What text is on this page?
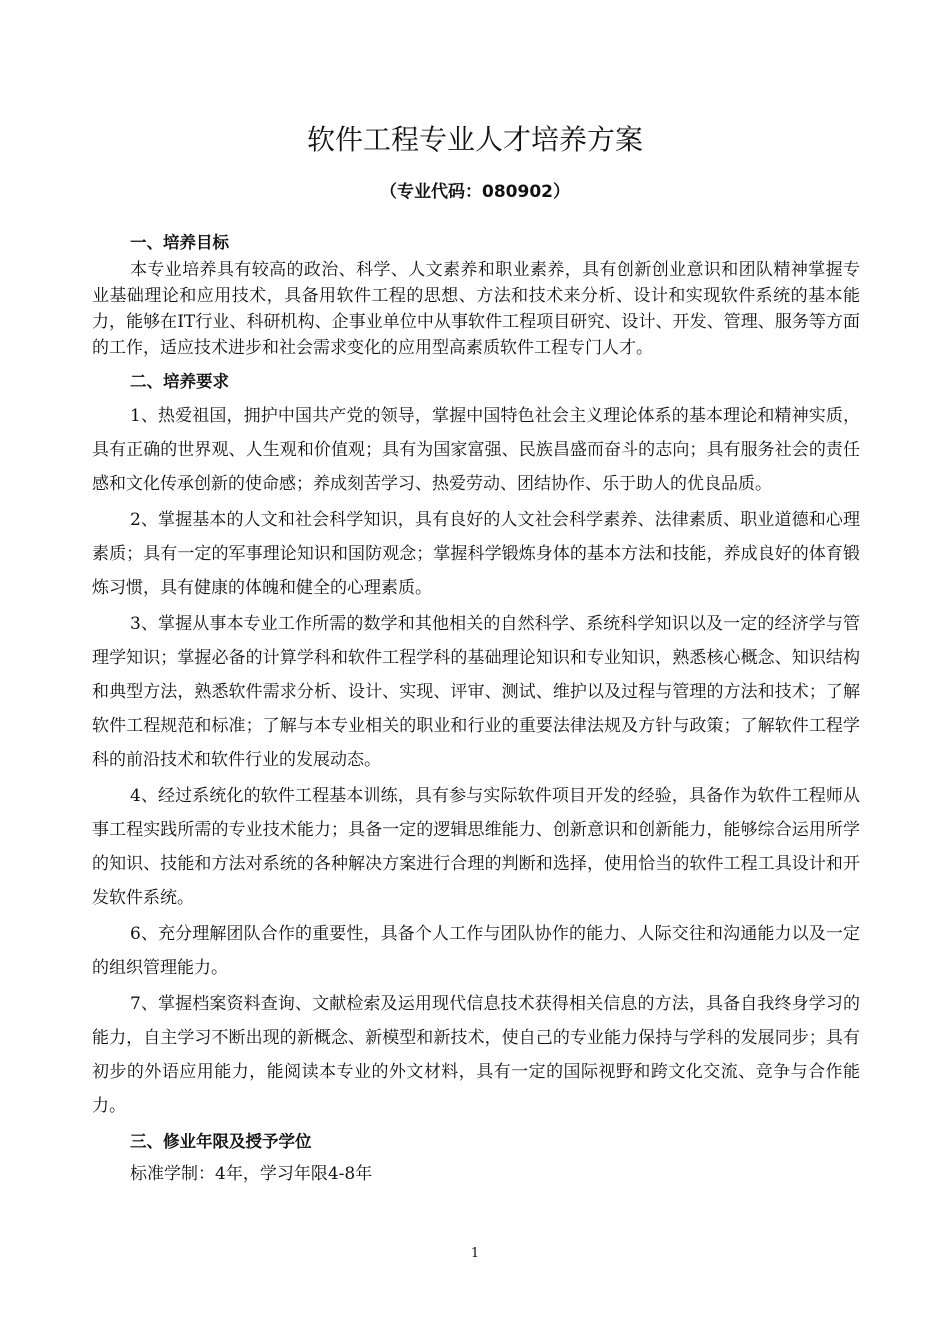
软件工程专业人才培养方案
（专业代码：080902）
一、培养目标

本专业培养具有较高的政治、科学、人文素养和职业素养，具有创新创业意识和团队精神掌握专业基础理论和应用技术，具备用软件工程的思想、方法和技术来分析、设计和实现软件系统的基本能力，能够在IT行业、科研机构、企事业单位中从事软件工程项目研究、设计、开发、管理、服务等方面的工作，适应技术进步和社会需求变化的应用型高素质软件工程专门人才。

二、培养要求

1、热爱祖国，拥护中国共产党的领导，掌握中国特色社会主义理论体系的基本理论和精神实质，具有正确的世界观、人生观和价值观；具有为国家富强、民族昌盛而奋斗的志向；具有服务社会的责任感和文化传承创新的使命感；养成刻苦学习、热爱劳动、团结协作、乐于助人的优良品质。

2、掌握基本的人文和社会科学知识，具有良好的人文社会科学素养、法律素质、职业道德和心理素质；具有一定的军事理论知识和国防观念；掌握科学锻炼身体的基本方法和技能，养成良好的体育锻炼习惯，具有健康的体魄和健全的心理素质。

3、掌握从事本专业工作所需的数学和其他相关的自然科学、系统科学知识以及一定的经济学与管理学知识；掌握必备的计算学科和软件工程学科的基础理论知识和专业知识，熟悉核心概念、知识结构和典型方法，熟悉软件需求分析、设计、实现、评审、测试、维护以及过程与管理的方法和技术；了解软件工程规范和标准；了解与本专业相关的职业和行业的重要法律法规及方针与政策；了解软件工程学科的前沿技术和软件行业的发展动态。

4、经过系统化的软件工程基本训练，具有参与实际软件项目开发的经验，具备作为软件工程师从事工程实践所需的专业技术能力；具备一定的逻辑思维能力、创新意识和创新能力，能够综合运用所学的知识、技能和方法对系统的各种解决方案进行合理的判断和选择，使用恰当的软件工程工具设计和开发软件系统。

6、充分理解团队合作的重要性，具备个人工作与团队协作的能力、人际交往和沟通能力以及一定的组织管理能力。

7、掌握档案资料查询、文献检索及运用现代信息技术获得相关信息的方法，具备自我终身学习的能力，自主学习不断出现的新概念、新模型和新技术，使自己的专业能力保持与学科的发展同步；具有初步的外语应用能力，能阅读本专业的外文材料，具有一定的国际视野和跨文化交流、竞争与合作能力。

三、修业年限及授予学位

标准学制：4年，学习年限4-8年

1
